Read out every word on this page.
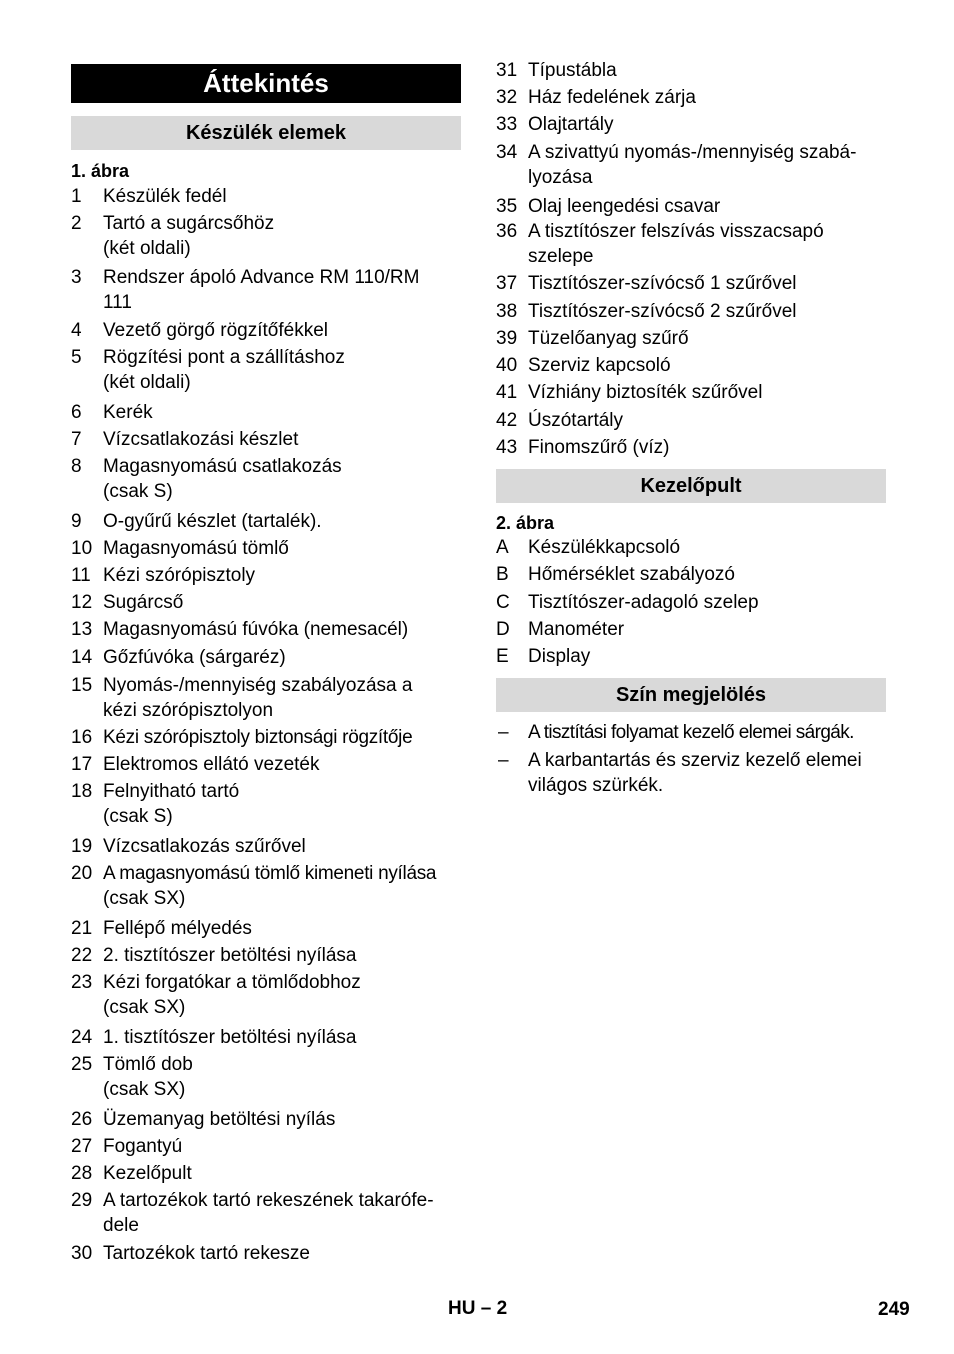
Áttekintés
Készülék elemek
1. ábra
1 Készülék fedél
2 Tartó a sugárcsőhöz
(két oldali)
3 Rendszer ápoló Advance RM 110/RM
111
4 Vezető görgő rögzítőfékkel
5 Rögzítési pont a szállításhoz
(két oldali)
6 Kerék
7 Vízcsatlakozási készlet
8 Magasnyomású csatlakozás
(csak S)
9 O-gyűrű készlet (tartalék).
10 Magasnyomású tömlő
11 Kézi szórópisztoly
12 Sugárcső
13 Magasnyomású fúvóka (nemesacél)
14 Gőzfúvóka (sárgaréz)
15 Nyomás-/mennyiség szabályozása a
kézi szórópisztolyon
16 Kézi szórópisztoly biztonsági rögzítője
17 Elektromos ellátó vezeték
18 Felnyitható tartó
(csak S)
19 Vízcsatlakozás szűrővel
20 A magasnyomású tömlő kimeneti nyílása
(csak SX)
21 Fellépő mélyedés
22 2. tisztítószer betöltési nyílása
23 Kézi forgatókar a tömlődobhoz
(csak SX)
24 1. tisztítószer betöltési nyílása
25 Tömlő dob
(csak SX)
26 Üzemanyag betöltési nyílás
27 Fogantyú
28 Kezelőpult
29 A tartozékok tartó rekeszének takarófe-
dele
30 Tartozékok tartó rekesze
31 Típustábla
32 Ház fedelének zárja
33 Olajtartály
34 A szivattyú nyomás-/mennyiség szabá-
lyozása
35 Olaj leengedési csavar
36 A tisztítószer felszívás visszacsapó
szelepe
37 Tisztítószer-szívócső 1 szűrővel
38 Tisztítószer-szívócső 2 szűrővel
39 Tüzelőanyag szűrő
40 Szerviz kapcsoló
41 Vízhiány biztosíték szűrővel
42 Úszótartály
43 Finomszűrő (víz)
Kezelőpult
2. ábra
A Készülékkapcsoló
B Hőmérséklet szabályozó
C Tisztítószer-adagoló szelep
D Manométer
E Display
Szín megjelölés
– A tisztítási folyamat kezelő elemei sárgák.
– A karbantartás és szerviz kezelő elemei
világos szürkék.
HU – 2	249
